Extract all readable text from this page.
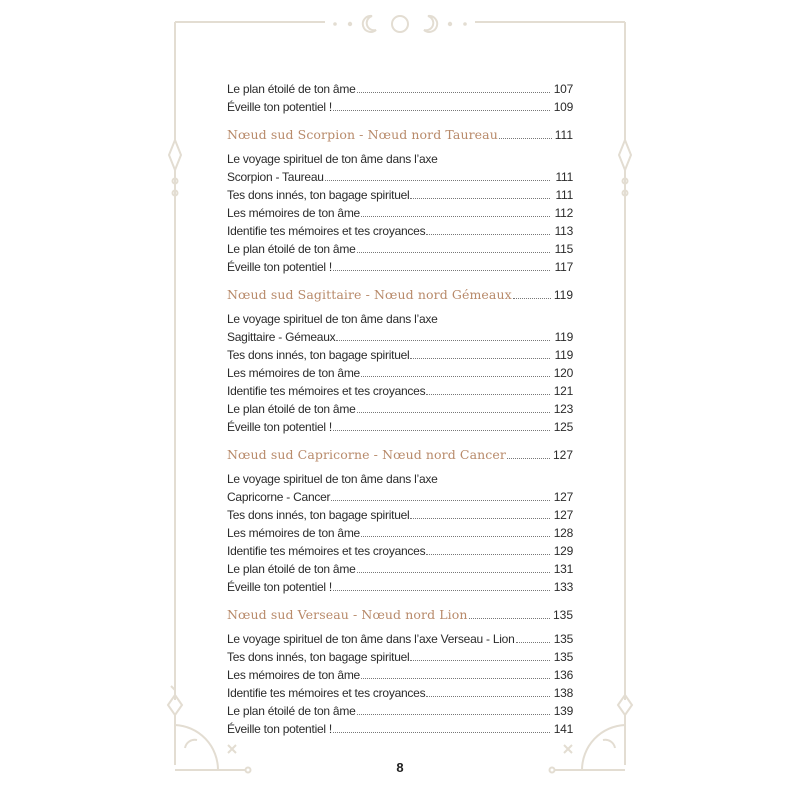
Le plan étoilé de ton âme	107
Éveille ton potentiel !	109
Nœud sud Scorpion - Nœud nord Taureau	111
Le voyage spirituel de ton âme dans l’axe
Scorpion - Taureau	111
Tes dons innés, ton bagage spirituel	111
Les mémoires de ton âme	112
Identifie tes mémoires et tes croyances	113
Le plan étoilé de ton âme	115
Éveille ton potentiel !	117
Nœud sud Sagittaire - Nœud nord Gémeaux	119
Le voyage spirituel de ton âme dans l’axe
Sagittaire - Gémeaux	119
Tes dons innés, ton bagage spirituel	119
Les mémoires de ton âme	120
Identifie tes mémoires et tes croyances	121
Le plan étoilé de ton âme	123
Éveille ton potentiel !	125
Nœud sud Capricorne - Nœud nord Cancer	127
Le voyage spirituel de ton âme dans l’axe
Capricorne - Cancer	127
Tes dons innés, ton bagage spirituel	127
Les mémoires de ton âme	128
Identifie tes mémoires et tes croyances	129
Le plan étoilé de ton âme	131
Éveille ton potentiel !	133
Nœud sud Verseau - Nœud nord Lion	135
Le voyage spirituel de ton âme dans l’axe Verseau - Lion	135
Tes dons innés, ton bagage spirituel	135
Les mémoires de ton âme	136
Identifie tes mémoires et tes croyances	138
Le plan étoilé de ton âme	139
Éveille ton potentiel !	141
8
